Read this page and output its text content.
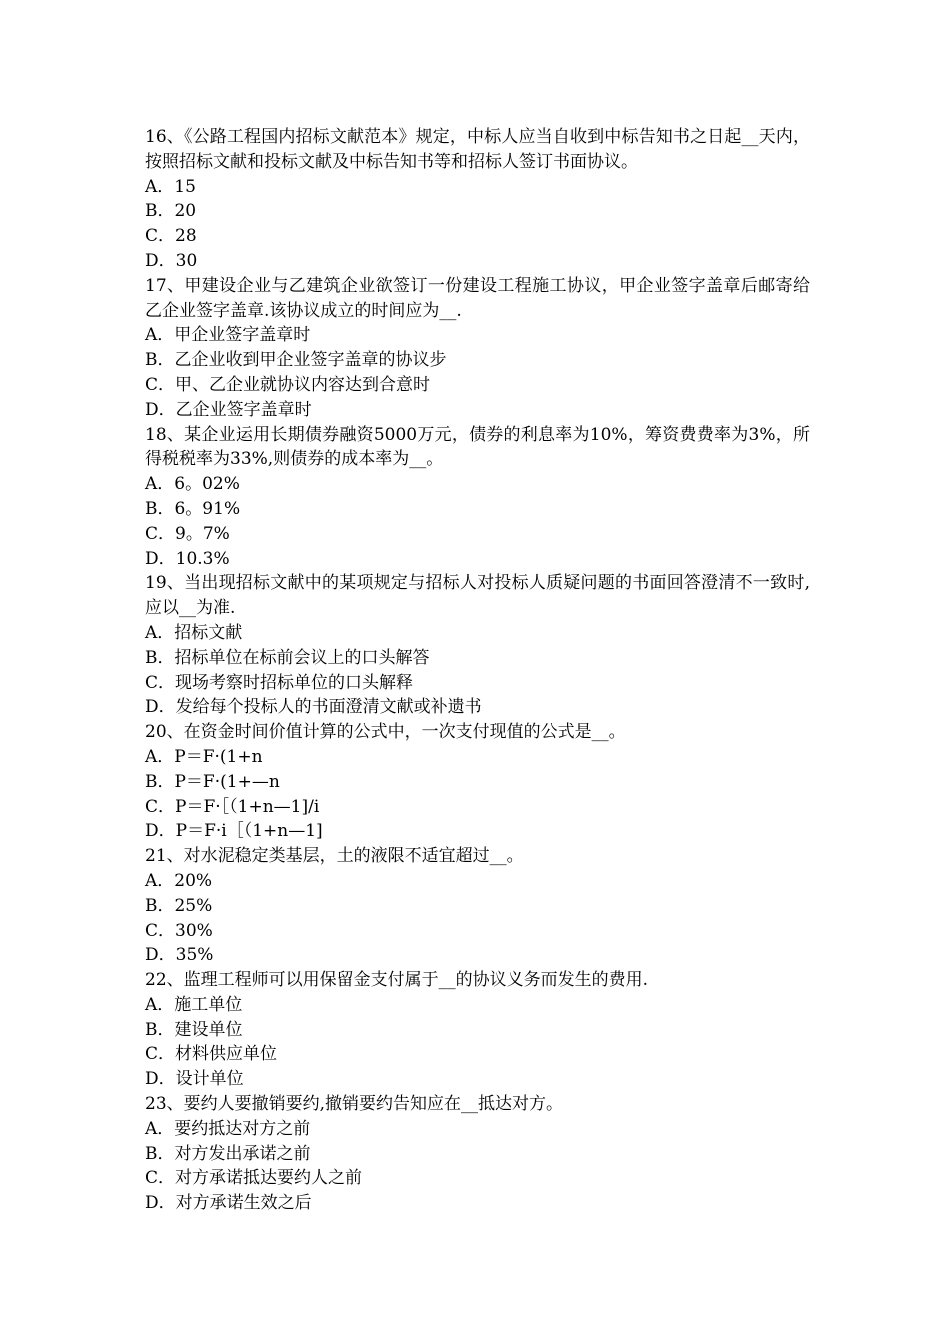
16、《公路工程国内招标文献范本》规定，中标人应当自收到中标告知书之日起__天内，按照招标文献和投标文献及中标告知书等和招标人签订书面协议。

A．15

B．20

C．28

D．30

17、甲建设企业与乙建筑企业欲签订一份建设工程施工协议，甲企业签字盖章后邮寄给乙企业签字盖章.该协议成立的时间应为__.

A．甲企业签字盖章时

B．乙企业收到甲企业签字盖章的协议步

C．甲、乙企业就协议内容达到合意时

D．乙企业签字盖章时

18、某企业运用长期债券融资5000万元，债券的利息率为10%，筹资费费率为3%，所得税税率为33%,则债券的成本率为__。

A．6。02%

B．6。91%

C．9。7%

D．10.3%

19、当出现招标文献中的某项规定与招标人对投标人质疑问题的书面回答澄清不一致时,应以__为准.

A．招标文献

B．招标单位在标前会议上的口头解答

C．现场考察时招标单位的口头解释

D．发给每个投标人的书面澄清文献或补遗书

20、在资金时间价值计算的公式中，一次支付现值的公式是__。

A．P＝F·(1+n

B．P＝F·(1+—n

C．P＝F·［（1+n—1]/i

D．P＝F·i［（1+n—1]

21、对水泥稳定类基层，土的液限不适宜超过__。

A．20%

B．25%

C．30%

D．35%

22、监理工程师可以用保留金支付属于__的协议义务而发生的费用.

A．施工单位

B．建设单位

C．材料供应单位

D．设计单位

23、要约人要撤销要约,撤销要约告知应在__抵达对方。

A．要约抵达对方之前

B．对方发出承诺之前

C．对方承诺抵达要约人之前

D．对方承诺生效之后
